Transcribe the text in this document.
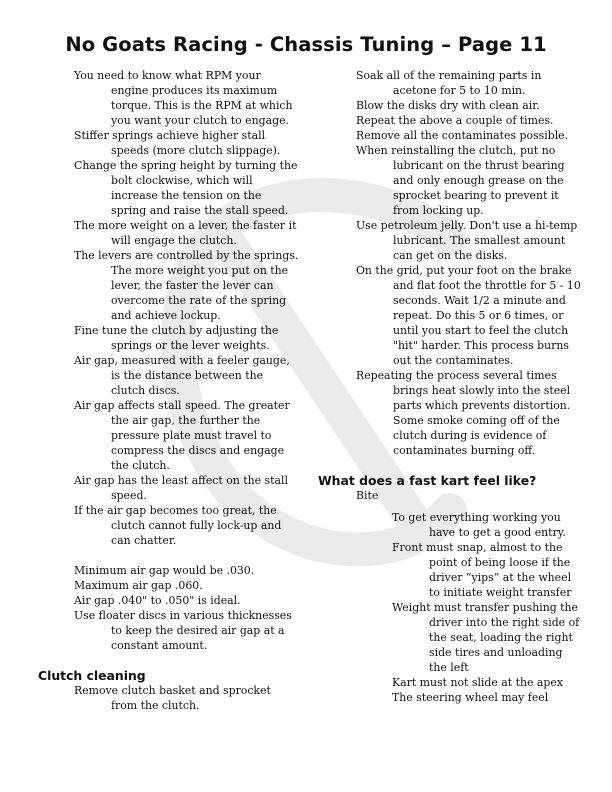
No Goats Racing - Chassis Tuning – Page 11

You need to know what RPM your engine produces its maximum torque. This is the RPM at which you want your clutch to engage.

Stiffer springs achieve higher stall speeds (more clutch slippage).

Change the spring height by turning the bolt clockwise, which will increase the tension on the spring and raise the stall speed.

The more weight on a lever, the faster it will engage the clutch.

The levers are controlled by the springs. The more weight you put on the lever, the faster the lever can overcome the rate of the spring and achieve lockup.

Fine tune the clutch by adjusting the springs or the lever weights.

Air gap, measured with a feeler gauge, is the distance between the clutch discs.

Air gap affects stall speed. The greater the air gap, the further the pressure plate must travel to compress the discs and engage the clutch.

Air gap has the least affect on the stall speed.

If the air gap becomes too great, the clutch cannot fully lock-up and can chatter.

Minimum air gap would be .030.

Maximum air gap .060.

Air gap .040" to .050" is ideal.

Use floater discs in various thicknesses to keep the desired air gap at a constant amount.

Clutch cleaning

Remove clutch basket and sprocket from the clutch.

Soak all of the remaining parts in acetone for 5 to 10 min.

Blow the disks dry with clean air.

Repeat the above a couple of times.

Remove all the contaminates possible.

When reinstalling the clutch, put no lubricant on the thrust bearing and only enough grease on the sprocket bearing to prevent it from locking up.

Use petroleum jelly. Don't use a hi-temp lubricant. The smallest amount can get on the disks.

On the grid, put your foot on the brake and flat foot the throttle for 5 - 10 seconds. Wait 1/2 a minute and repeat. Do this 5 or 6 times, or until you start to feel the clutch "hit" harder. This process burns out the contaminates.

Repeating the process several times brings heat slowly into the steel parts which prevents distortion. Some smoke coming off of the clutch during is evidence of contaminates burning off.

What does a fast kart feel like?

Bite

To get everything working you have to get a good entry.

Front must snap, almost to the point of being loose if the driver “yips” at the wheel to initiate weight transfer

Weight must transfer pushing the driver into the right side of the seat, loading the right side tires and unloading the left

Kart must not slide at the apex

The steering wheel may feel
